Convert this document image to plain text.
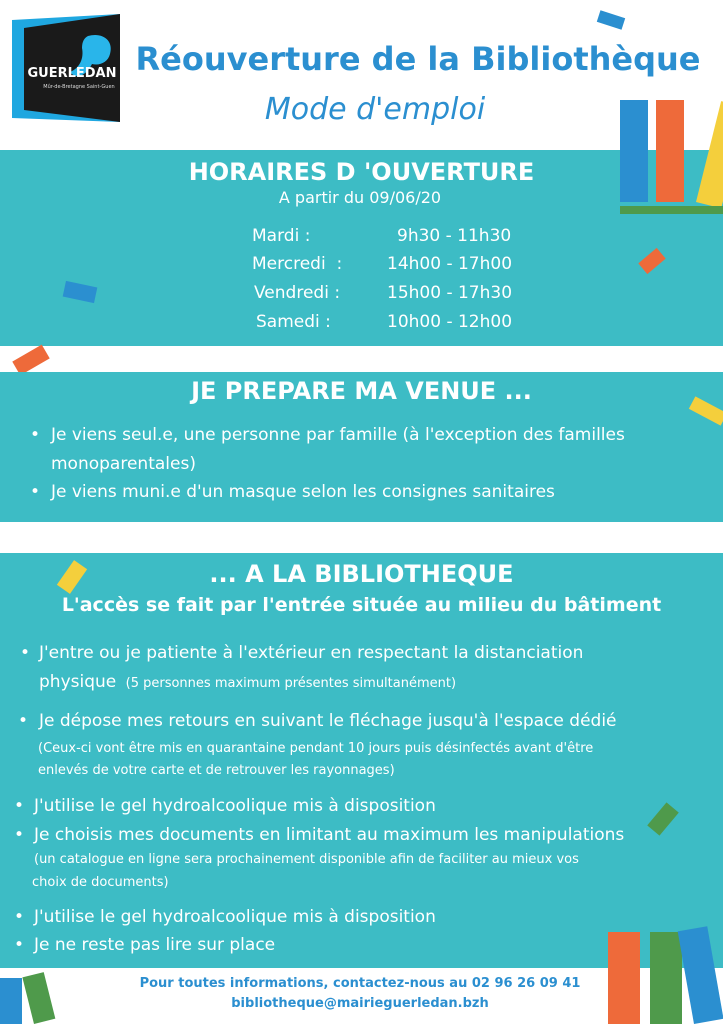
GUERLEDAN
Mûr-de-Bretagne Saint-Guen
Réouverture de la Bibliothèque
Mode d'emploi
HORAIRES D 'OUVERTURE
A partir du 09/06/20
Mardi :	9h30 - 11h30
Mercredi  :	14h00 - 17h00
Vendredi :	15h00 - 17h30
Samedi :	10h00 - 12h00
JE PREPARE MA VENUE ...
• Je viens seul.e, une personne par famille (à l'exception des familles
monoparentales)
• Je viens muni.e d'un masque selon les consignes sanitaires
... A LA BIBLIOTHEQUE
L'accès se fait par l'entrée située au milieu du bâtiment
• J'entre ou je patiente à l'extérieur en respectant la distanciation
physique (5 personnes maximum présentes simultanément)
• Je dépose mes retours en suivant le fléchage jusqu'à l'espace dédié
(Ceux-ci vont être mis en quarantaine pendant 10 jours puis désinfectés avant d'être
enlevés de votre carte et de retrouver les rayonnages)
• J'utilise le gel hydroalcoolique mis à disposition
• Je choisis mes documents en limitant au maximum les manipulations
(un catalogue en ligne sera prochainement disponible afin de faciliter au mieux vos
choix de documents)
• J'utilise le gel hydroalcoolique mis à disposition
• Je ne reste pas lire sur place
Pour toutes informations, contactez-nous au 02 96 26 09 41
bibliotheque@mairieguerledan.bzh
